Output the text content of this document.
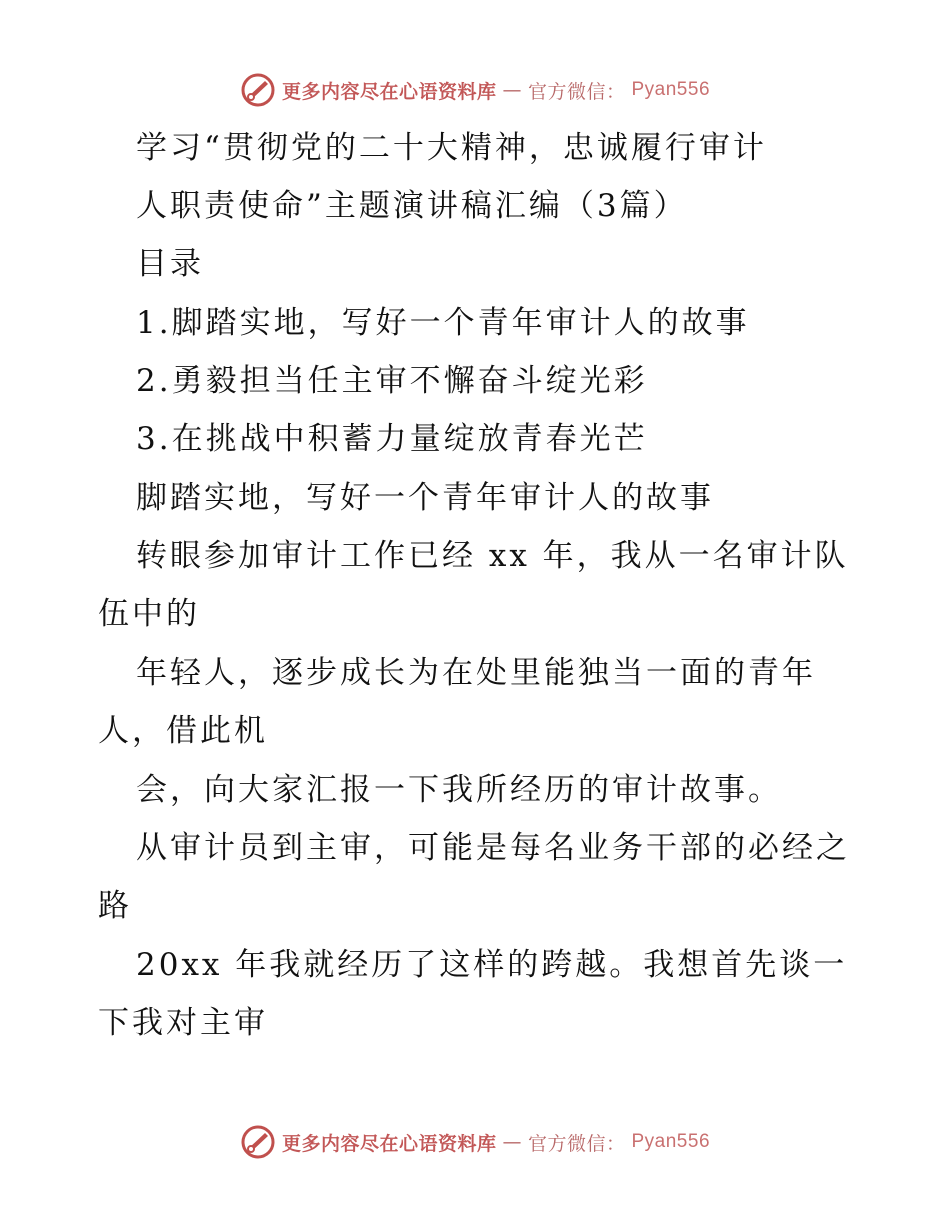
更多内容尽在心语资料库 — 官方微信： Pyan556
学习“贯彻党的二十大精神，忠诚履行审计
人职责使命”主题演讲稿汇编（3篇）
目录
1.脚踏实地，写好一个青年审计人的故事
2.勇毅担当任主审不懈奋斗绽光彩
3.在挑战中积蓄力量绽放青春光芒
脚踏实地，写好一个青年审计人的故事
转眼参加审计工作已经 xx 年，我从一名审计队
伍中的
年轻人，逐步成长为在处里能独当一面的青年
人，借此机
会，向大家汇报一下我所经历的审计故事。
从审计员到主审，可能是每名业务干部的必经之
路
20xx 年我就经历了这样的跨越。我想首先谈一
下我对主审
更多内容尽在心语资料库 — 官方微信： Pyan556
